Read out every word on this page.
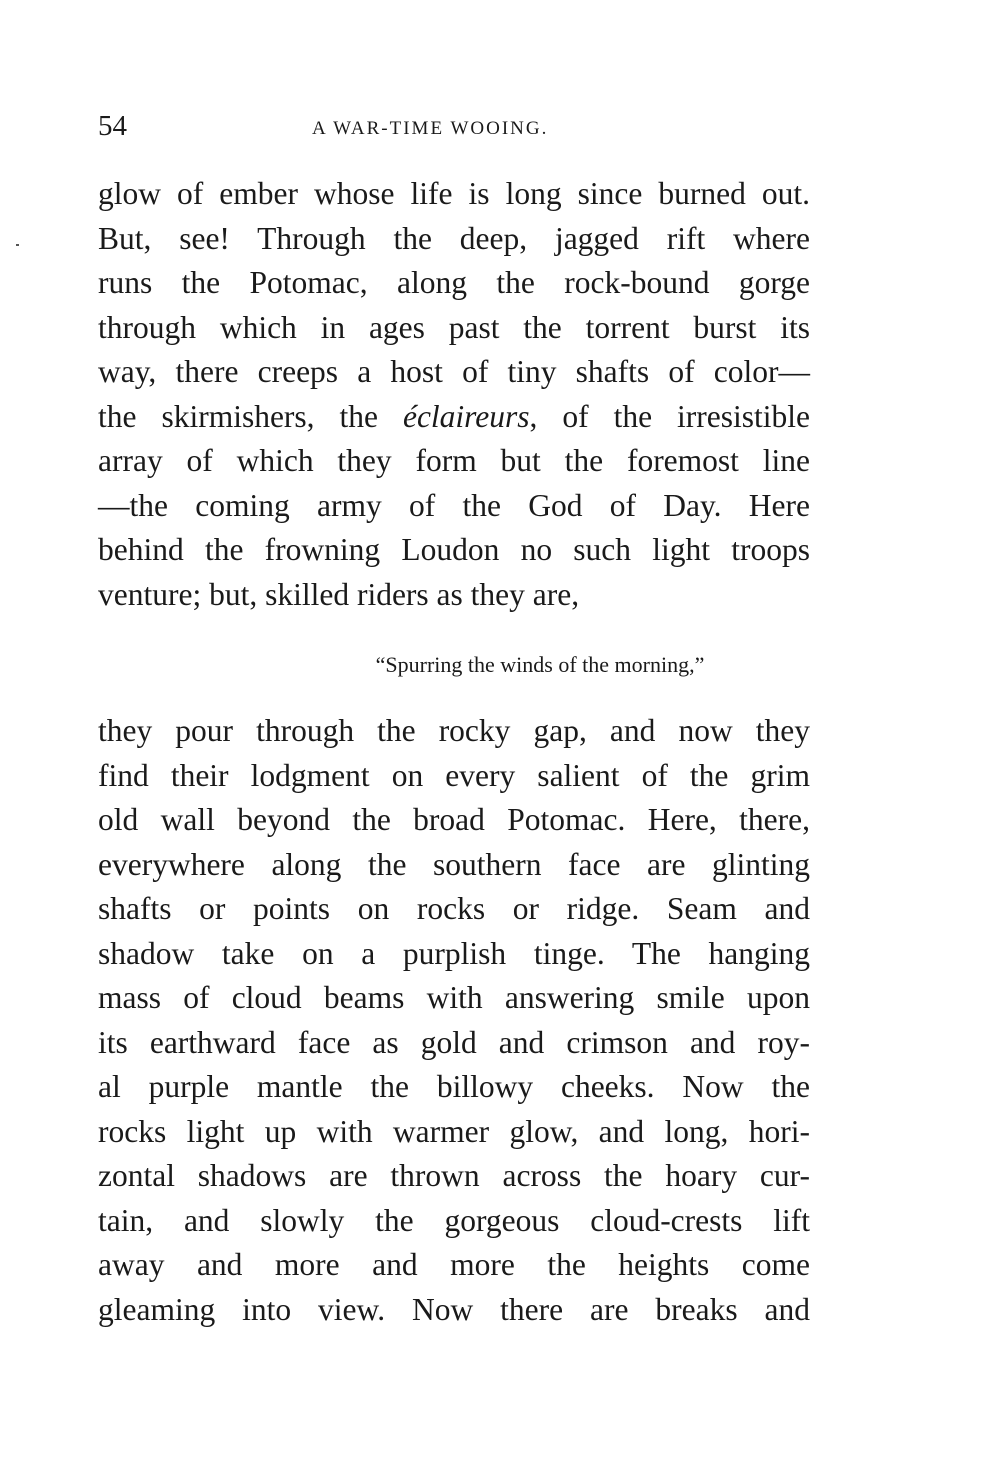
54	A WAR-TIME WOOING.
glow of ember whose life is long since burned out.
But, see! Through the deep, jagged rift where
runs the Potomac, along the rock-bound gorge
through which in ages past the torrent burst its
way, there creeps a host of tiny shafts of color—
the skirmishers, the éclaireurs, of the irresistible
array of which they form but the foremost line
—the coming army of the God of Day. Here
behind the frowning Loudon no such light troops
venture; but, skilled riders as they are,
“Spurring the winds of the morning,”
they pour through the rocky gap, and now they
find their lodgment on every salient of the grim
old wall beyond the broad Potomac. Here, there,
everywhere along the southern face are glinting
shafts or points on rocks or ridge. Seam and
shadow take on a purplish tinge. The hanging
mass of cloud beams with answering smile upon
its earthward face as gold and crimson and roy-
al purple mantle the billowy cheeks. Now the
rocks light up with warmer glow, and long, hori-
zontal shadows are thrown across the hoary cur-
tain, and slowly the gorgeous cloud-crests lift
away and more and more the heights come
gleaming into view. Now there are breaks and
